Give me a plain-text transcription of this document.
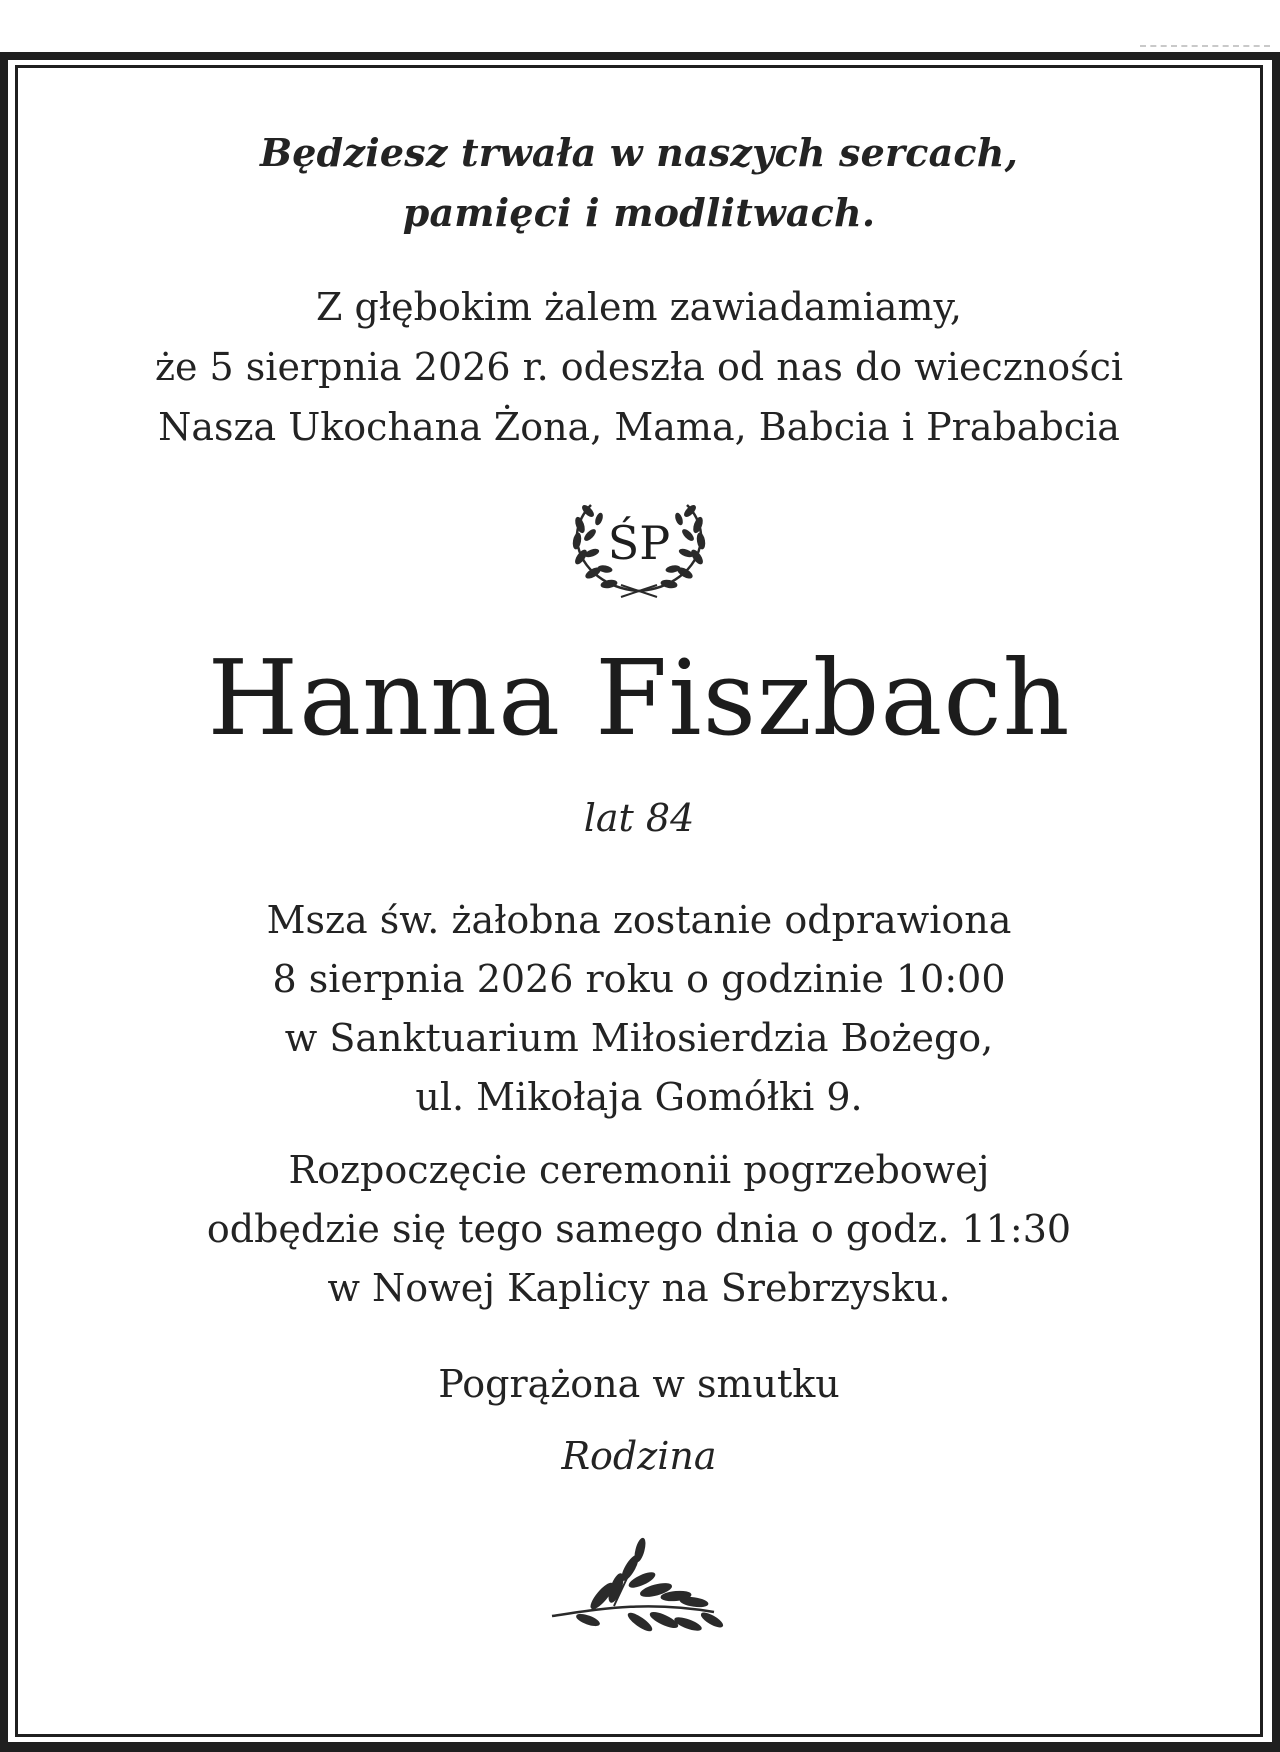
Będziesz trwała w naszych sercach,
pamięci i modlitwach.

Z głębokim żalem zawiadamiamy,
że 5 sierpnia 2026 r. odeszła od nas do wieczności
Nasza Ukochana Żona, Mama, Babcia i Prababcia

ŚP
Hanna Fiszbach
lat 84

Msza św. żałobna zostanie odprawiona
8 sierpnia 2026 roku o godzinie 10:00
w Sanktuarium Miłosierdzia Bożego,
ul. Mikołaja Gomółki 9.

Rozpoczęcie ceremonii pogrzebowej
odbędzie się tego samego dnia o godz. 11:30
w Nowej Kaplicy na Srebrzysku.

Pogrążona w smutku
Rodzina
